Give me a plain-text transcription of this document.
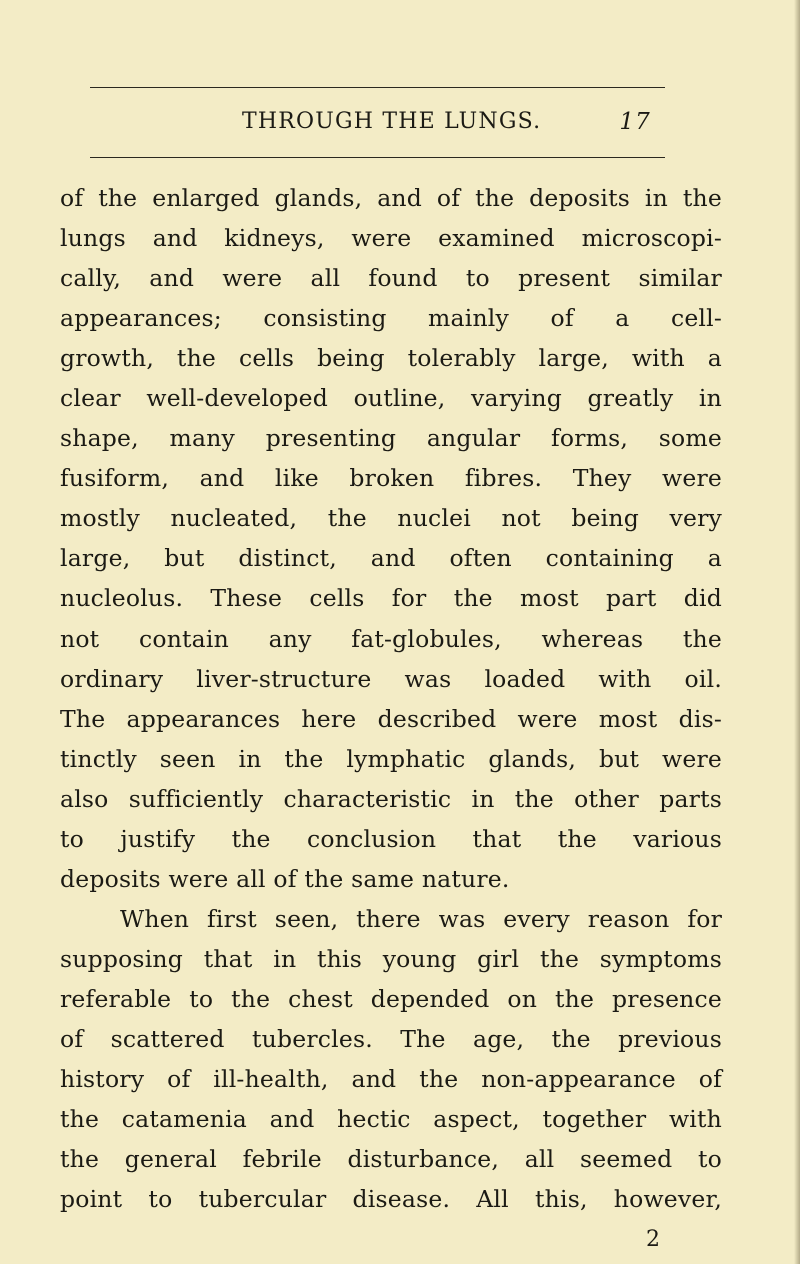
THROUGH THE LUNGS.	17
of the enlarged glands, and of the deposits in the
lungs and kidneys, were examined microscopi-
cally, and were all found to present similar
appearances; consisting mainly of a cell-
growth, the cells being tolerably large, with a
clear well-developed outline, varying greatly in
shape, many presenting angular forms, some
fusiform, and like broken fibres. They were
mostly nucleated, the nuclei not being very
large, but distinct, and often containing a
nucleolus. These cells for the most part did
not contain any fat-globules, whereas the
ordinary liver-structure was loaded with oil.
The appearances here described were most dis-
tinctly seen in the lymphatic glands, but were
also sufficiently characteristic in the other parts
to justify the conclusion that the various
deposits were all of the same nature.
When first seen, there was every reason for
supposing that in this young girl the symptoms
referable to the chest depended on the presence
of scattered tubercles. The age, the previous
history of ill-health, and the non-appearance of
the catamenia and hectic aspect, together with
the general febrile disturbance, all seemed to
point to tubercular disease. All this, however,
2
